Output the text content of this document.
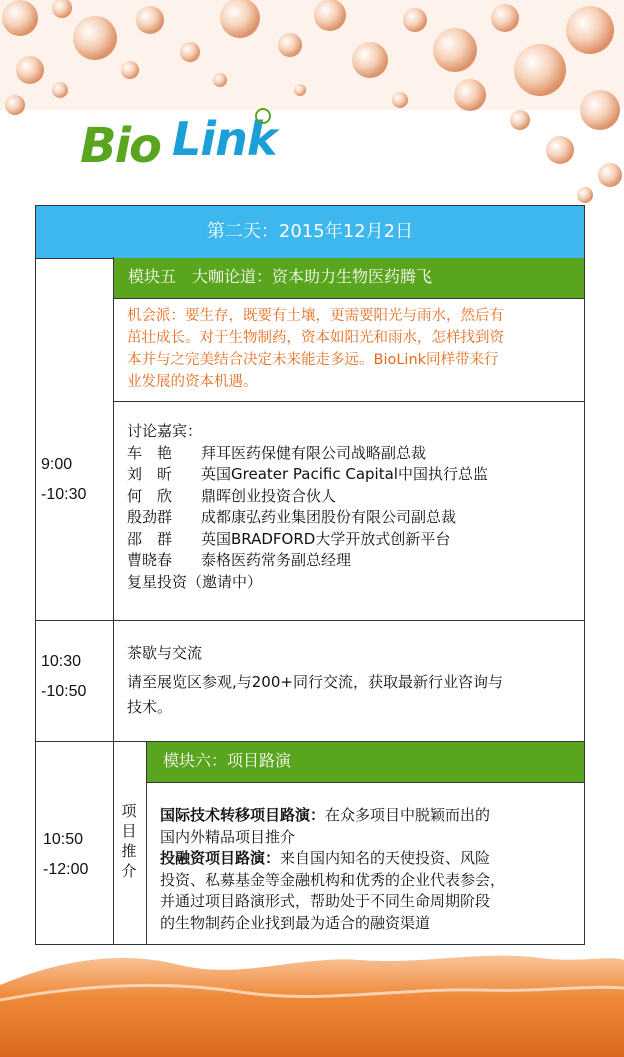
Bio Link
第二天：2015年12月2日
9:00
-10:30
模块五　大咖论道：资本助力生物医药腾飞
机会派：要生存，既要有土壤，更需要阳光与雨水，然后有
茁壮成长。对于生物制药，资本如阳光和雨水，怎样找到资
本并与之完美结合决定未来能走多远。BioLink同样带来行
业发展的资本机遇。
讨论嘉宾：
车　艳	拜耳医药保健有限公司战略副总裁
刘　昕	英国Greater Pacific Capital中国执行总监
何　欣	鼎晖创业投资合伙人
殷劲群	成都康弘药业集团股份有限公司副总裁
邵　群	英国BRADFORD大学开放式创新平台
曹晓春	泰格医药常务副总经理
复星投资（邀请中）
10:30
-10:50
茶歇与交流
请至展览区参观,与200+同行交流，获取最新行业咨询与
技术。
10:50
-12:00
项
目
推
介
模块六：项目路演
国际技术转移项目路演：在众多项目中脱颖而出的
国内外精品项目推介
投融资项目路演：来自国内知名的天使投资、风险
投资、私募基金等金融机构和优秀的企业代表参会，
并通过项目路演形式，帮助处于不同生命周期阶段
的生物制药企业找到最为适合的融资渠道
